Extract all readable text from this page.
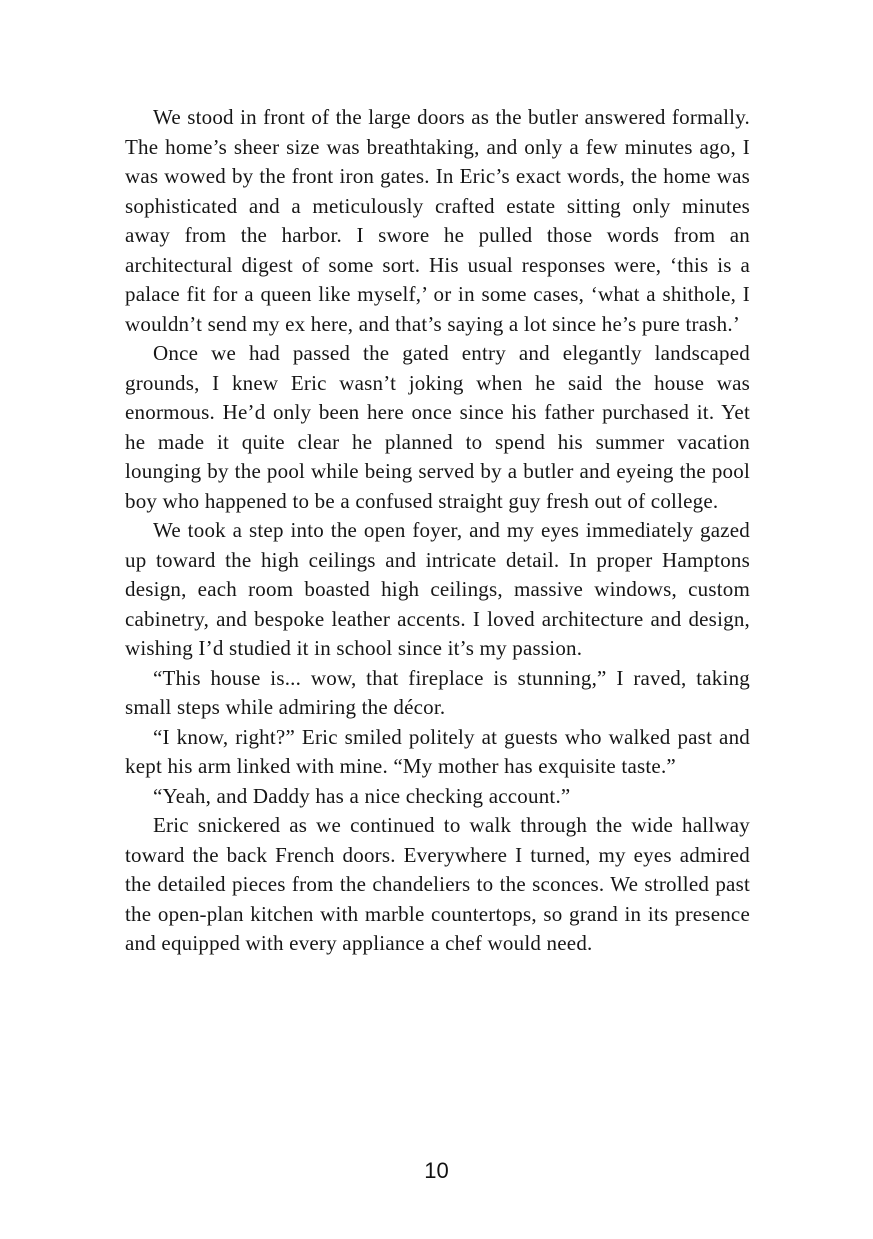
We stood in front of the large doors as the butler answered formally. The home’s sheer size was breathtaking, and only a few minutes ago, I was wowed by the front iron gates. In Eric’s exact words, the home was sophisticated and a meticulously crafted estate sitting only minutes away from the harbor. I swore he pulled those words from an architectural digest of some sort. His usual responses were, ‘this is a palace fit for a queen like myself,’ or in some cases, ‘what a shithole, I wouldn’t send my ex here, and that’s saying a lot since he’s pure trash.’

Once we had passed the gated entry and elegantly landscaped grounds, I knew Eric wasn’t joking when he said the house was enormous. He’d only been here once since his father purchased it. Yet he made it quite clear he planned to spend his summer vacation lounging by the pool while being served by a butler and eyeing the pool boy who happened to be a confused straight guy fresh out of college.

We took a step into the open foyer, and my eyes immediately gazed up toward the high ceilings and intricate detail. In proper Hamptons design, each room boasted high ceilings, massive windows, custom cabinetry, and bespoke leather accents. I loved architecture and design, wishing I’d studied it in school since it’s my passion.

“This house is... wow, that fireplace is stunning,” I raved, taking small steps while admiring the décor.

“I know, right?” Eric smiled politely at guests who walked past and kept his arm linked with mine. “My mother has exquisite taste.”

“Yeah, and Daddy has a nice checking account.”

Eric snickered as we continued to walk through the wide hallway toward the back French doors. Everywhere I turned, my eyes admired the detailed pieces from the chandeliers to the sconces. We strolled past the open-plan kitchen with marble countertops, so grand in its presence and equipped with every appliance a chef would need.

10
